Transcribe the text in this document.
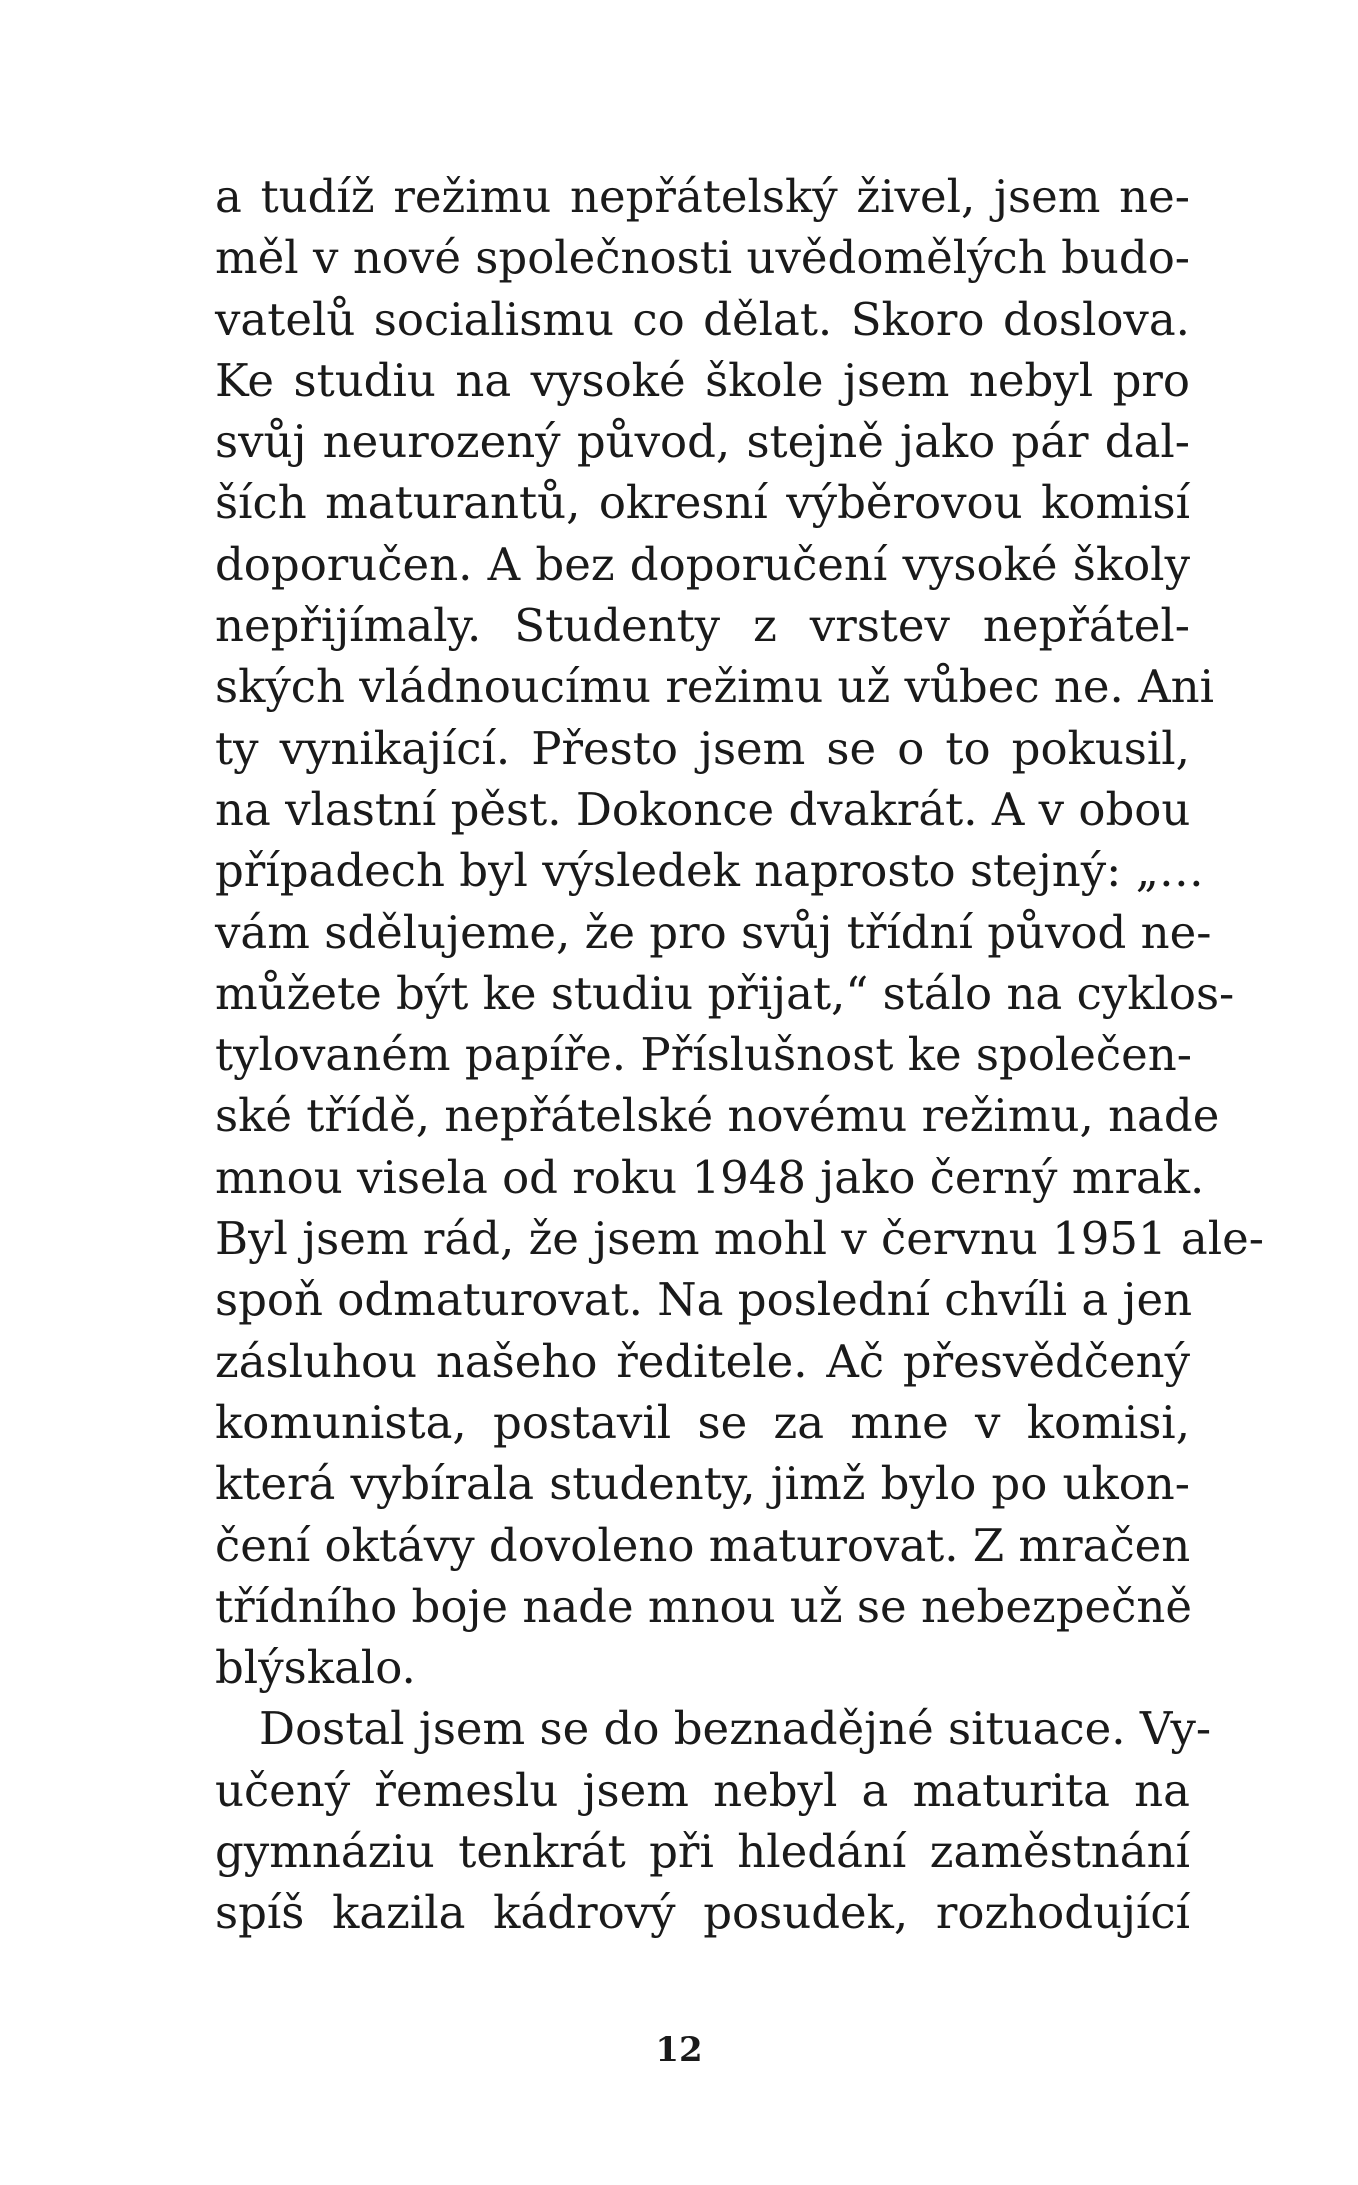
a tudíž režimu nepřátelský živel, jsem ne-
měl v nové společnosti uvědomělých budo-
vatelů socialismu co dělat. Skoro doslova.
Ke studiu na vysoké škole jsem nebyl pro
svůj neurozený původ, stejně jako pár dal-
ších maturantů, okresní výběrovou komisí
doporučen. A bez doporučení vysoké školy
nepřijímaly. Studenty z vrstev nepřátel-
ských vládnoucímu režimu už vůbec ne. Ani
ty vynikající. Přesto jsem se o to pokusil,
na vlastní pěst. Dokonce dvakrát. A v obou
případech byl výsledek naprosto stejný: „…
vám sdělujeme, že pro svůj třídní původ ne-
můžete být ke studiu přijat,“ stálo na cyklos-
tylovaném papíře. Příslušnost ke společen-
ské třídě, nepřátelské novému režimu, nade
mnou visela od roku 1948 jako černý mrak.
Byl jsem rád, že jsem mohl v červnu 1951 ale-
spoň odmaturovat. Na poslední chvíli a jen
zásluhou našeho ředitele. Ač přesvědčený
komunista, postavil se za mne v komisi,
která vybírala studenty, jimž bylo po ukon-
čení oktávy dovoleno maturovat. Z mračen
třídního boje nade mnou už se nebezpečně
blýskalo.
Dostal jsem se do beznadějné situace. Vy-
učený řemeslu jsem nebyl a maturita na
gymnáziu tenkrát při hledání zaměstnání
spíš kazila kádrový posudek, rozhodující
12
